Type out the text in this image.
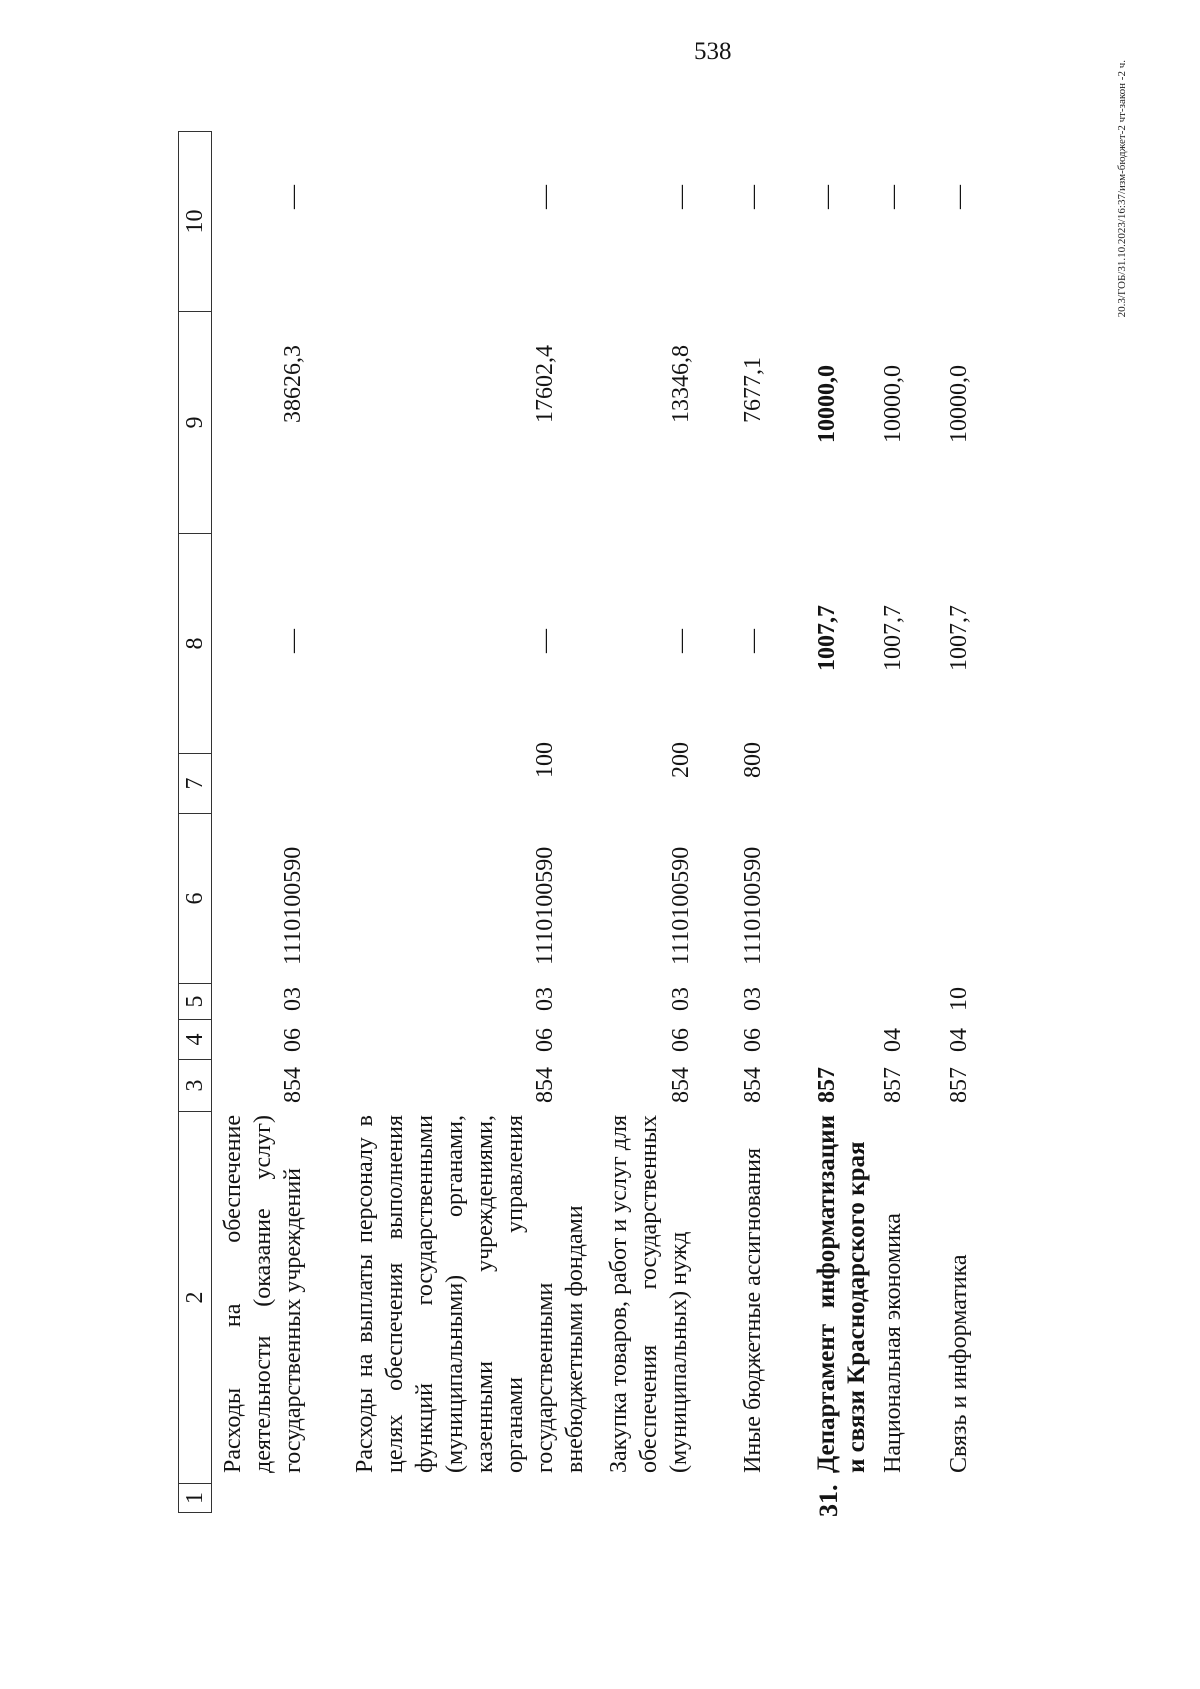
538
20.3/ГОБ/31.10.2023/16:37/изм-бюджет-2 чт-закон -2 ч.
1
2
3
4
5
6
7
8
9
10
Расходы на обеспечение деятельности (оказание услуг) государственных учреждений
854
06
03
1110100590
—
38626,3
—
Расходы на выплаты персоналу в целях обеспечения выполнения функций государственными (муниципальными) органами, казенными учреждениями, органами управления государственными внебюджетными фондами
854
06
03
1110100590
100
—
17602,4
—
Закупка товаров, работ и услуг для обеспечения государственных (муниципальных) нужд
854
06
03
1110100590
200
—
13346,8
—
Иные бюджетные ассигнования
854
06
03
1110100590
800
—
7677,1
—
31.
Департамент информатизации и связи Краснодарского края
857
1007,7
10000,0
—
Национальная экономика
857
04
1007,7
10000,0
—
Связь и информатика
857
04
10
1007,7
10000,0
—
